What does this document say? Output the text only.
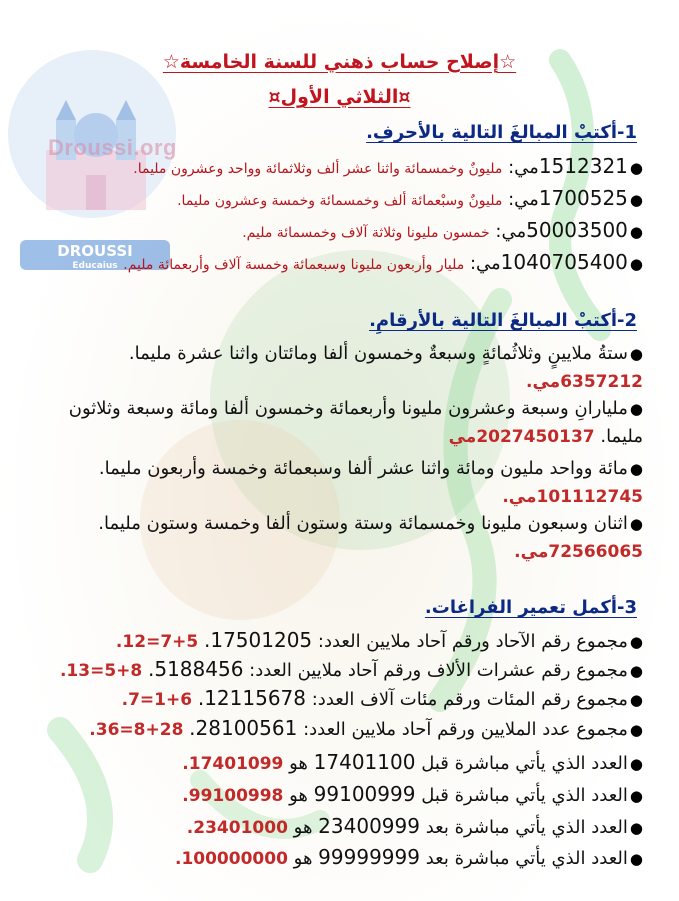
Droussi.org
DROUSSI
Educaius
☆إصلاح حساب ذهني للسنة الخامسة☆
¤الثلاثي الأول¤
1-أكتبْ المبالغَ التالية بالأحرفِ.
●1512321مي: مليونٌ وخمسمائة واثنا عشر ألف وثلاثمائة وواحد وعشرون مليما.
●1700525مي: مليونٌ وسبْعمائة ألف وخمسمائة وخمسة وعشرون مليما.
●50003500مي: خمسون مليونا وثلاثة آلاف وخمسمائة مليم.
●1040705400مي: مليار وأربعون مليونا وسبعمائة وخمسة آلاف وأربعمائة مليم.
2-أكتبْ المبالغَ التالية بالأرقامِ.
●ستةُ ملايينٍ وثلاثُمائةٍ وسبعةٌ وخمسون ألفا ومائتان واثنا عشرة مليما.
6357212مي.
●مليارانِ وسبعة وعشرون مليونا وأربعمائة وخمسون ألفا ومائة وسبعة وثلاثون مليما. 2027450137مي
●مائة وواحد مليون ومائة واثنا عشر ألفا وسبعمائة وخمسة وأربعون مليما.
101112745مي.
●اثنان وسبعون مليونا وخمسمائة وستة وستون ألفا وخمسة وستون مليما.
72566065مي.
3-أكمل تعمير الفراغات.
●مجموع رقم الآحاد ورقم آحاد ملايين العدد: 17501205. 5+7=12.
●مجموع رقم عشرات الألاف ورقم آحاد ملايين العدد: 5188456. 8+5=13.
●مجموع رقم المئات ورقم مئات آلاف العدد: 12115678. 6+1=7.
●مجموع عدد الملايين ورقم آحاد ملايين العدد: 28100561. 28+8=36.
●العدد الذي يأتي مباشرة قبل 17401100 هو 17401099.
●العدد الذي يأتي مباشرة قبل 99100999 هو 99100998.
●العدد الذي يأتي مباشرة بعد 23400999 هو 23401000.
●العدد الذي يأتي مباشرة بعد 99999999 هو 100000000.
